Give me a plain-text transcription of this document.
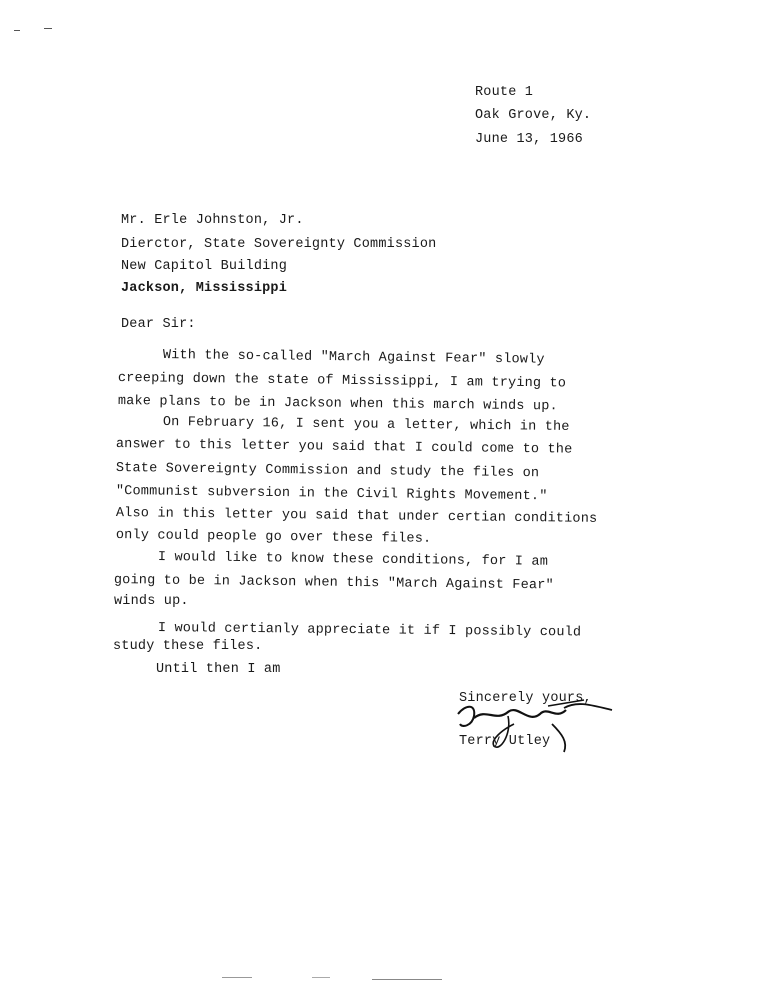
Route 1
Oak Grove, Ky.
June 13, 1966
Mr. Erle Johnston, Jr.
Dierctor, State Sovereignty Commission
New Capitol Building
Jackson, Mississippi
Dear Sir:
With the so-called "March Against Fear" slowly
creeping down the state of Mississippi, I am trying to
make plans to be in Jackson when this march winds up.
On February 16, I sent you a letter, which in the
answer to this letter you said that I could come to the
State Sovereignty Commission and study the files on
"Communist subversion in the Civil Rights Movement."
Also in this letter you said that under certian conditions
only could people go over these files.
I would like to know these conditions, for I am
going to be in Jackson when this "March Against Fear"
winds up.
I would certianly appreciate it if I possibly could
study these files.
Until then I am
Sincerely yours,
Terry Utley
